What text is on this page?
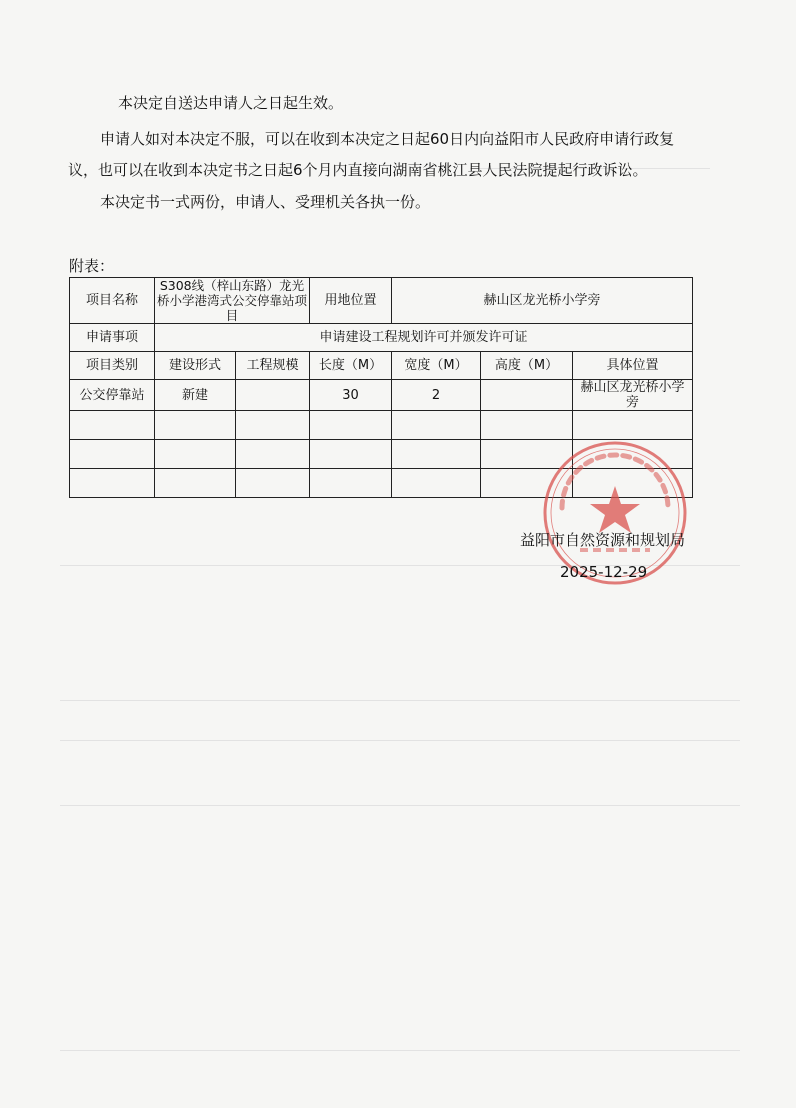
本决定自送达申请人之日起生效。
申请人如对本决定不服，可以在收到本决定之日起60日内向益阳市人民政府申请行政复
议，也可以在收到本决定书之日起6个月内直接向湖南省桃江县人民法院提起行政诉讼。
本决定书一式两份，申请人、受理机关各执一份。
附表：
项目名称	S308线（梓山东路）龙光桥小学港湾式公交停靠站项目		用地位置	赫山区龙光桥小学旁		
申请事项	申请建设工程规划许可并颁发许可证					
项目类别	建设形式	工程规模	长度（M）	宽度（M）	高度（M）	具体位置
公交停靠站	新建		30	2		赫山区龙光桥小学旁

益阳市自然资源和规划局
2025-12-29
